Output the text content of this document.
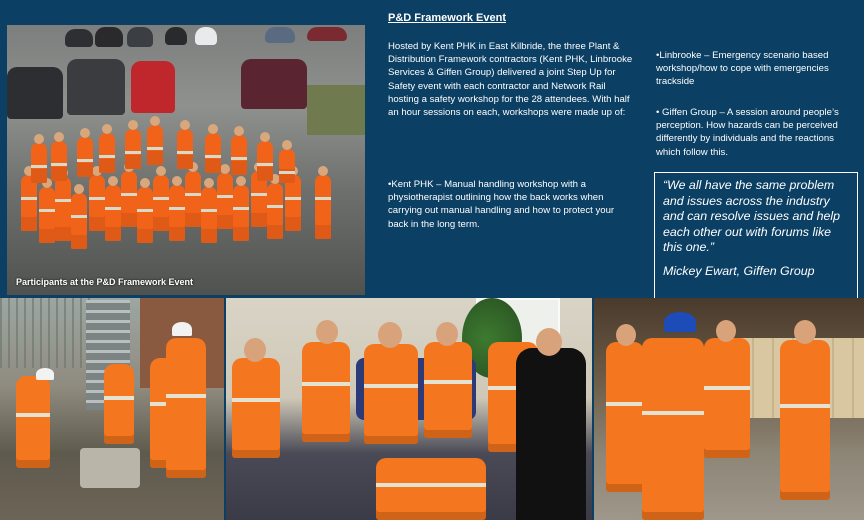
Participants at the P&D Framework Event
P&D Framework Event

Hosted by Kent PHK in East Kilbride, the three Plant & Distribution Framework contractors (Kent PHK, Linbrooke Services & Giffen Group) delivered a joint Step Up for Safety event with each contractor and Network Rail hosting a safety workshop for the 28 attendees. With half an hour sessions on each, workshops were made up of:

•Kent PHK – Manual handling workshop with a physiotherapist outlining how the back works when carrying out manual handling and how to protect your back in the long term.

•Linbrooke – Emergency scenario based workshop/how to cope with emergencies trackside

• Giffen Group – A session around people’s perception. How hazards can be perceived differently by individuals and the reactions which follow this.

“We all have the same problem and issues across the industry and can resolve issues and help each other out with forums like this one.”

Mickey Ewart, Giffen Group
